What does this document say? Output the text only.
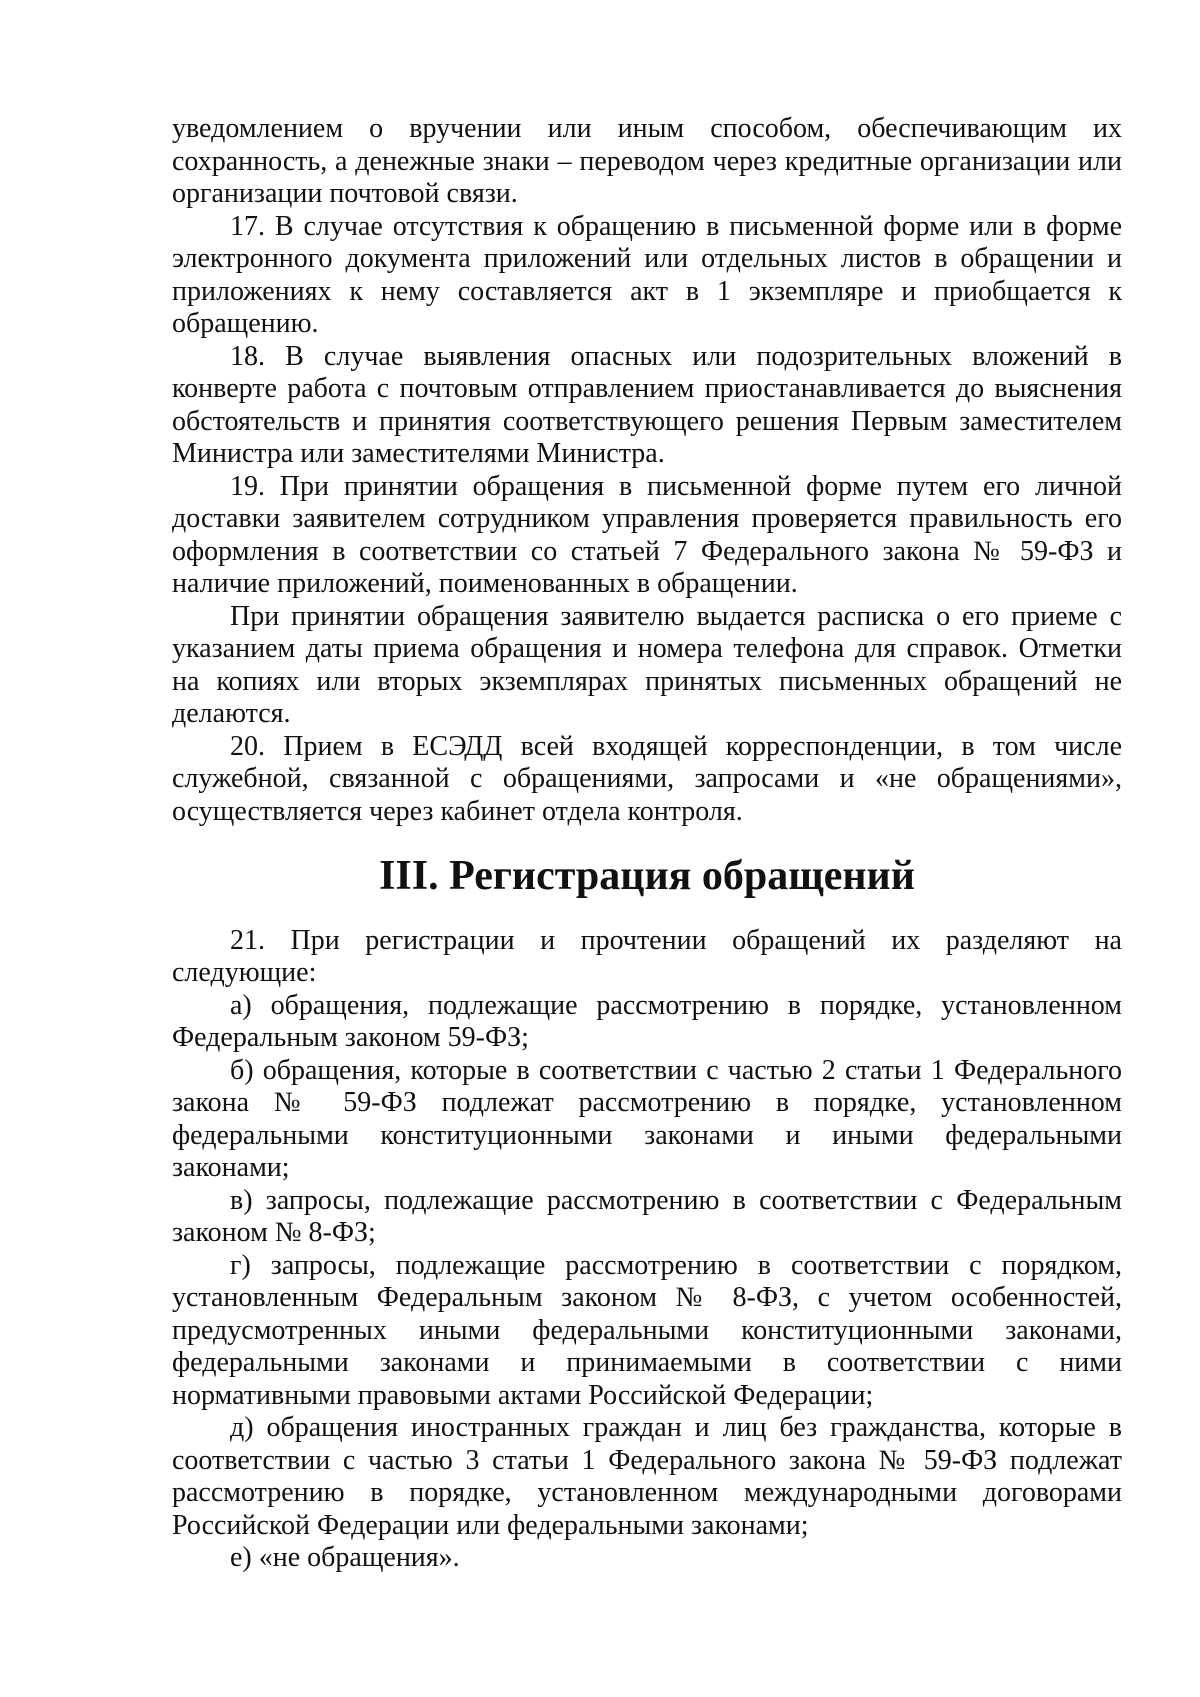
уведомлением о вручении или иным способом, обеспечивающим их сохранность, а денежные знаки – переводом через кредитные организации или организации почтовой связи.

17. В случае отсутствия к обращению в письменной форме или в форме электронного документа приложений или отдельных листов в обращении и приложениях к нему составляется акт в 1 экземпляре и приобщается к обращению.

18. В случае выявления опасных или подозрительных вложений в конверте работа с почтовым отправлением приостанавливается до выяснения обстоятельств и принятия соответствующего решения Первым заместителем Министра или заместителями Министра.

19. При принятии обращения в письменной форме путем его личной доставки заявителем сотрудником управления проверяется правильность его оформления в соответствии со статьей 7 Федерального закона № 59-ФЗ и наличие приложений, поименованных в обращении.

При принятии обращения заявителю выдается расписка о его приеме с указанием даты приема обращения и номера телефона для справок. Отметки на копиях или вторых экземплярах принятых письменных обращений не делаются.

20. Прием в ЕСЭДД всей входящей корреспонденции, в том числе служебной, связанной с обращениями, запросами и «не обращениями», осуществляется через кабинет отдела контроля.

III. Регистрация обращений

21. При регистрации и прочтении обращений их разделяют на следующие:

а) обращения, подлежащие рассмотрению в порядке, установленном Федеральным законом 59-ФЗ;

б) обращения, которые в соответствии с частью 2 статьи 1 Федерального закона № 59-ФЗ подлежат рассмотрению в порядке, установленном федеральными конституционными законами и иными федеральными законами;

в) запросы, подлежащие рассмотрению в соответствии с Федеральным законом № 8-ФЗ;

г) запросы, подлежащие рассмотрению в соответствии с порядком, установленным Федеральным законом № 8-ФЗ, с учетом особенностей, предусмотренных иными федеральными конституционными законами, федеральными законами и принимаемыми в соответствии с ними нормативными правовыми актами Российской Федерации;

д) обращения иностранных граждан и лиц без гражданства, которые в соответствии с частью 3 статьи 1 Федерального закона № 59-ФЗ подлежат рассмотрению в порядке, установленном международными договорами Российской Федерации или федеральными законами;

е) «не обращения».
